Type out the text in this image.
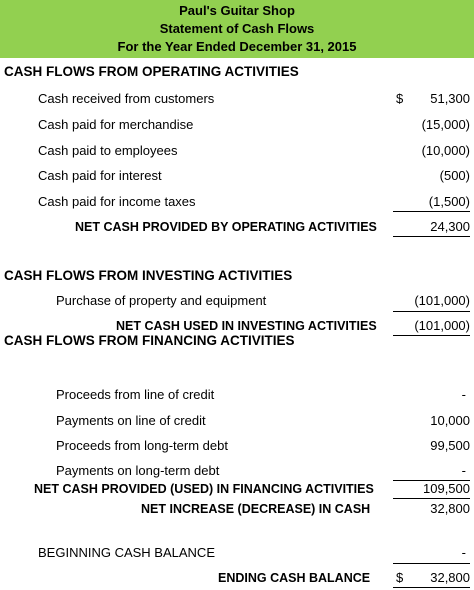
Paul's Guitar Shop
Statement of Cash Flows
For the Year Ended December 31, 2015
CASH FLOWS FROM OPERATING ACTIVITIES
Cash received from customers	$ 51,300
Cash paid for merchandise	(15,000)
Cash paid to employees	(10,000)
Cash paid for interest	(500)
Cash paid for income taxes	(1,500)
NET CASH PROVIDED BY OPERATING ACTIVITIES	24,300
CASH FLOWS FROM INVESTING ACTIVITIES
Purchase of property and equipment	(101,000)
NET CASH USED IN INVESTING ACTIVITIES	(101,000)
CASH FLOWS FROM FINANCING ACTIVITIES
Proceeds from line of credit	-
Payments on line of credit	10,000
Proceeds from long-term debt	99,500
Payments on long-term debt	-
NET CASH PROVIDED (USED) IN FINANCING ACTIVITIES	109,500
NET INCREASE (DECREASE) IN CASH	32,800
BEGINNING CASH BALANCE	-
ENDING CASH BALANCE $ 32,800
